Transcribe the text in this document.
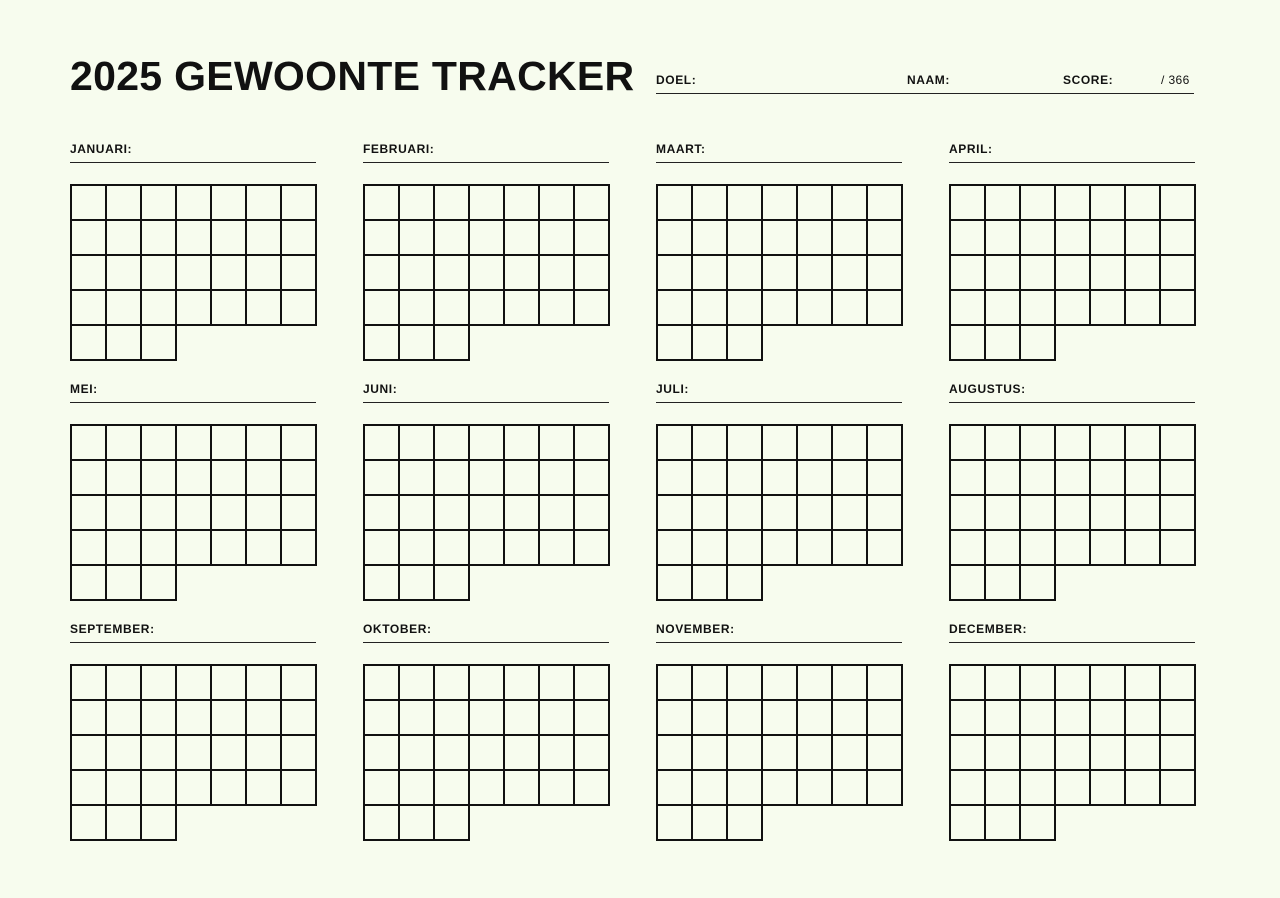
2025 GEWOONTE TRACKER DOEL:	NAAM:	SCORE:	/ 366
JANUARI:	FEBRUARI:	MAART:	APRIL:
MEI:	JUNI:	JULI:	AUGUSTUS:
SEPTEMBER:	OKTOBER:	NOVEMBER:	DECEMBER:
